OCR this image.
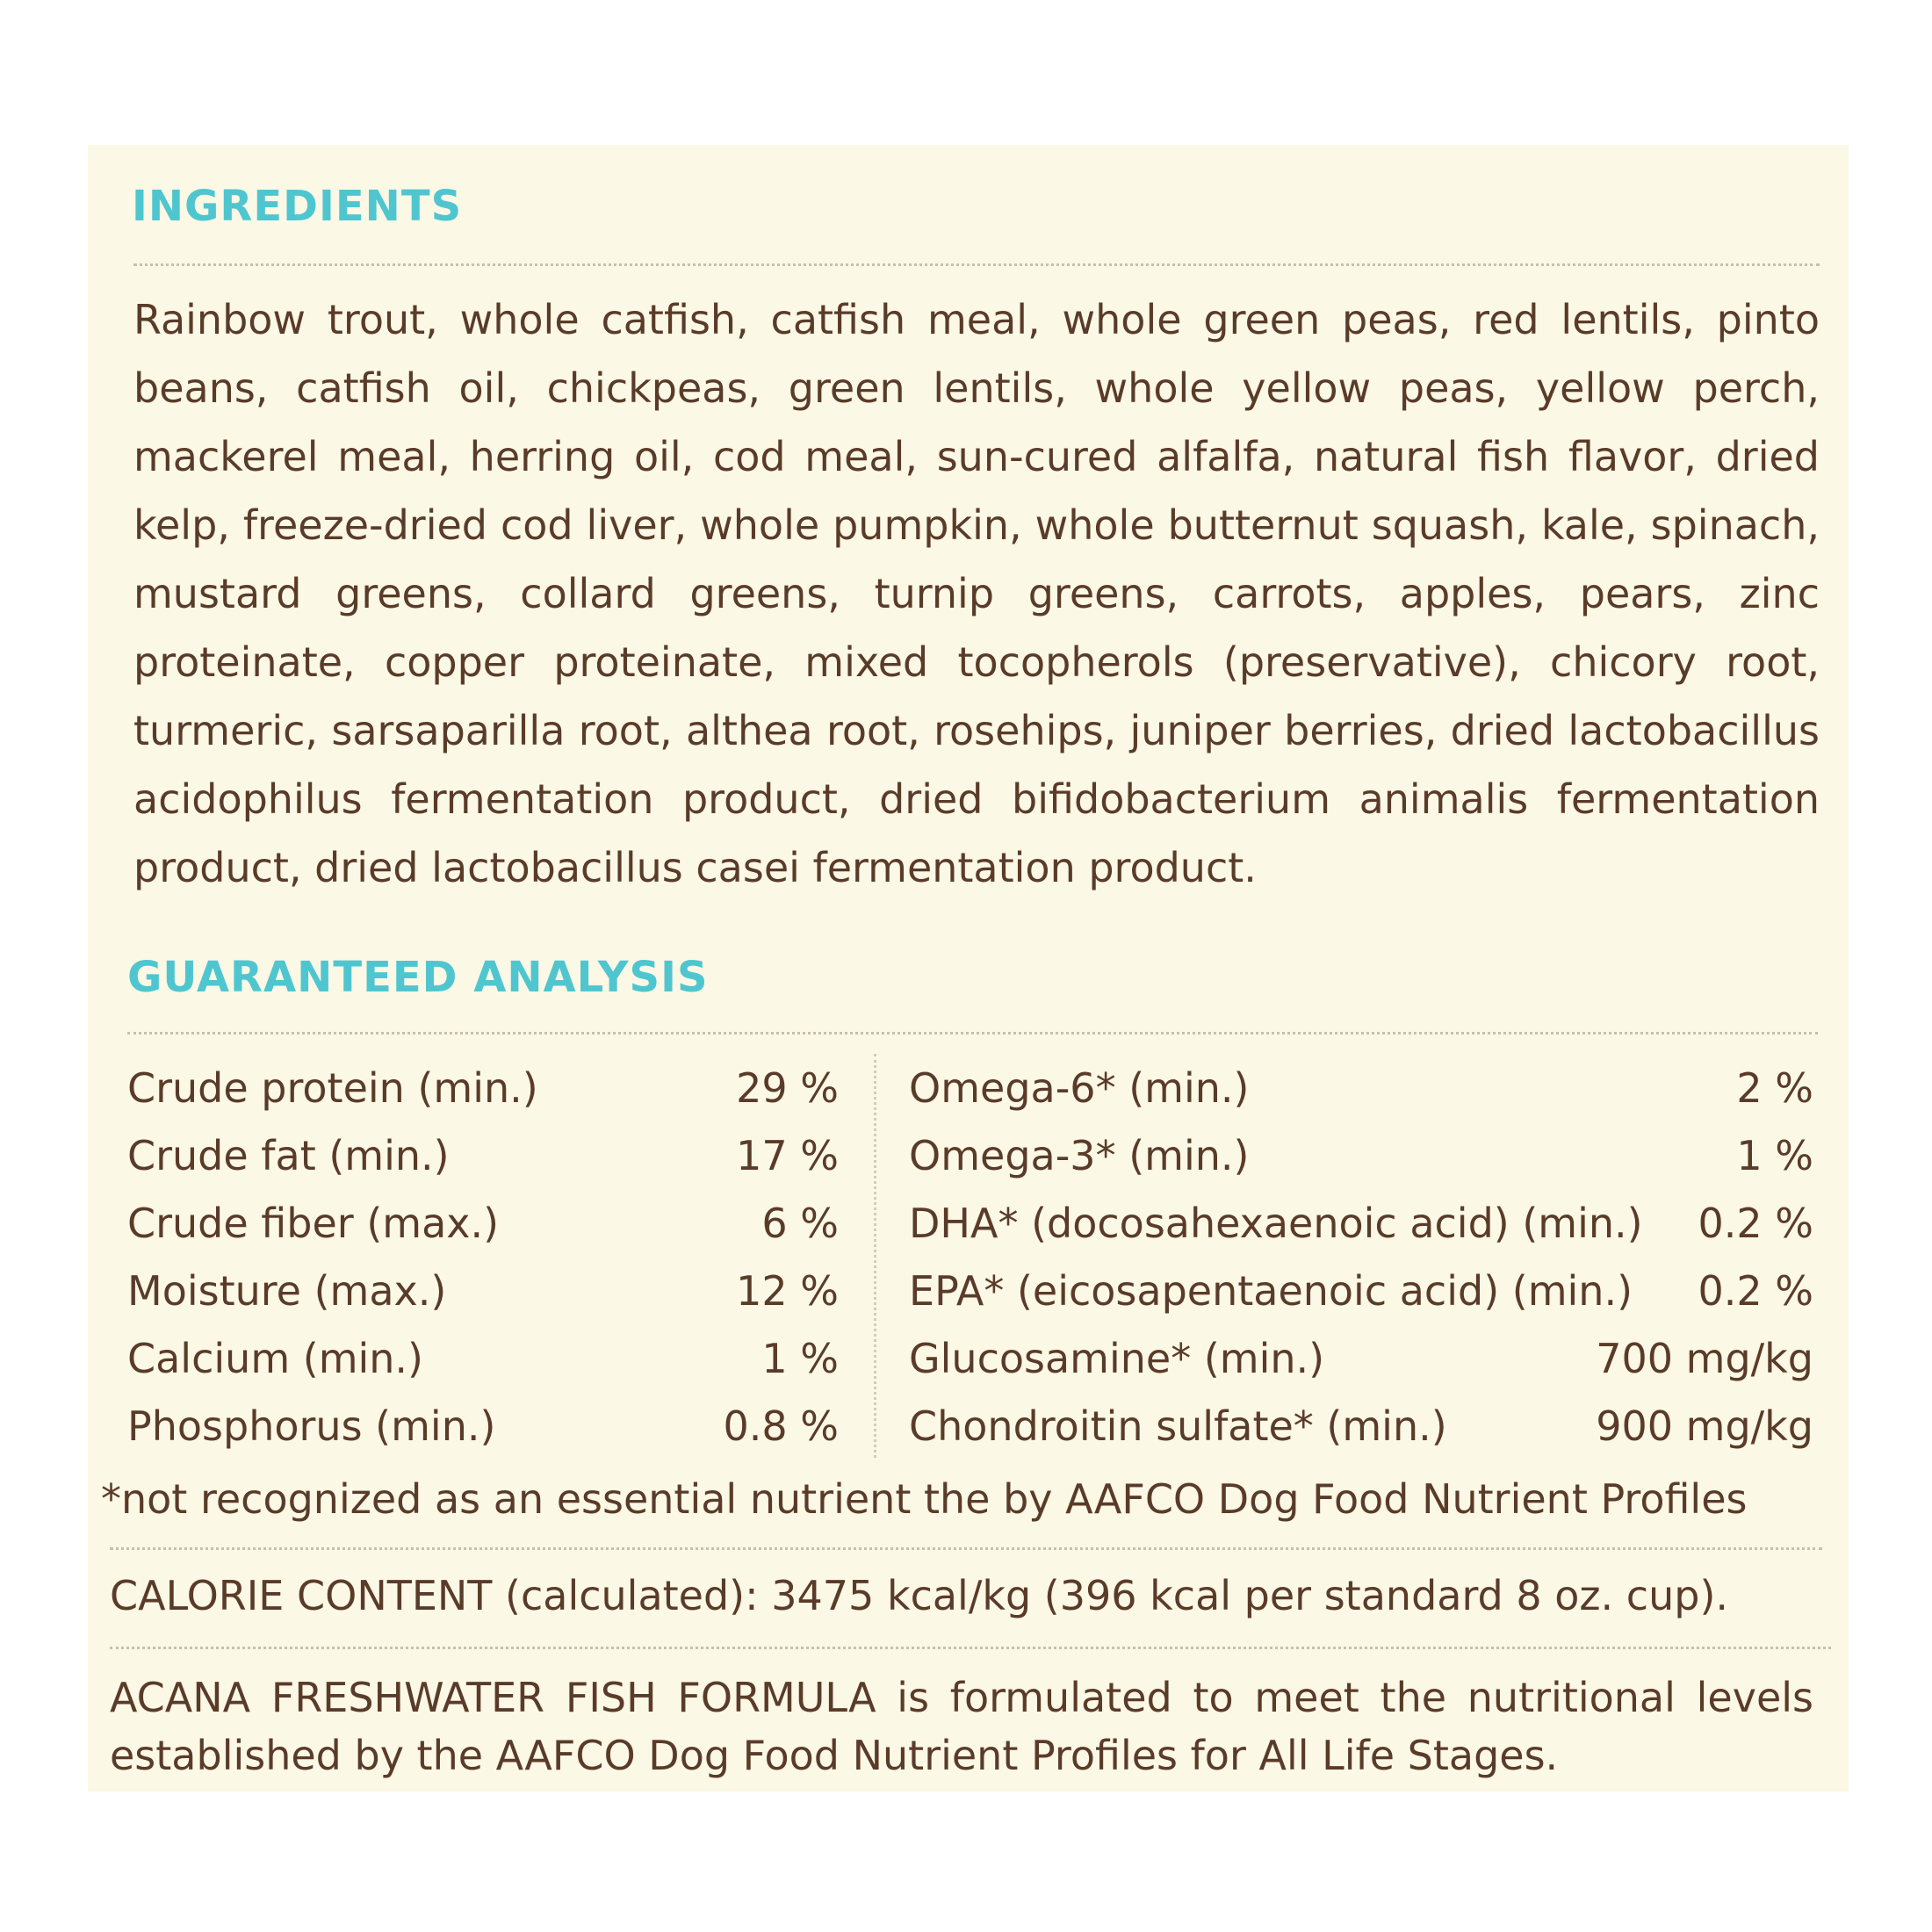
INGREDIENTS

Rainbow trout, whole catfish, catfish meal, whole green peas, red lentils, pinto beans, catfish oil, chickpeas, green lentils, whole yellow peas, yellow perch, mackerel meal, herring oil, cod meal, sun-cured alfalfa, natural fish flavor, dried kelp, freeze-dried cod liver, whole pumpkin, whole butternut squash, kale, spinach, mustard greens, collard greens, turnip greens, carrots, apples, pears, zinc proteinate, copper proteinate, mixed tocopherols (preservative), chicory root, turmeric, sarsaparilla root, althea root, rosehips, juniper berries, dried lactobacillus acidophilus fermentation product, dried bifidobacterium animalis fermentation product, dried lactobacillus casei fermentation product.

GUARANTEED ANALYSIS
Crude protein (min.)	29 %
Crude fat (min.)	17 %
Crude fiber (max.)	6 %
Moisture (max.)	12 %
Calcium (min.)	1 %
Phosphorus (min.)	0.8 %
Omega-6* (min.)	2 %
Omega-3* (min.)	1 %
DHA* (docosahexaenoic acid) (min.) 0.2 %
EPA* (eicosapentaenoic acid) (min.) 0.2 %
Glucosamine* (min.)	700 mg/kg
Chondroitin sulfate* (min.)	900 mg/kg
*not recognized as an essential nutrient the by AAFCO Dog Food Nutrient Profiles
CALORIE CONTENT (calculated): 3475 kcal/kg (396 kcal per standard 8 oz. cup).

ACANA FRESHWATER FISH FORMULA is formulated to meet the nutritional levels established by the AAFCO Dog Food Nutrient Profiles for All Life Stages.
